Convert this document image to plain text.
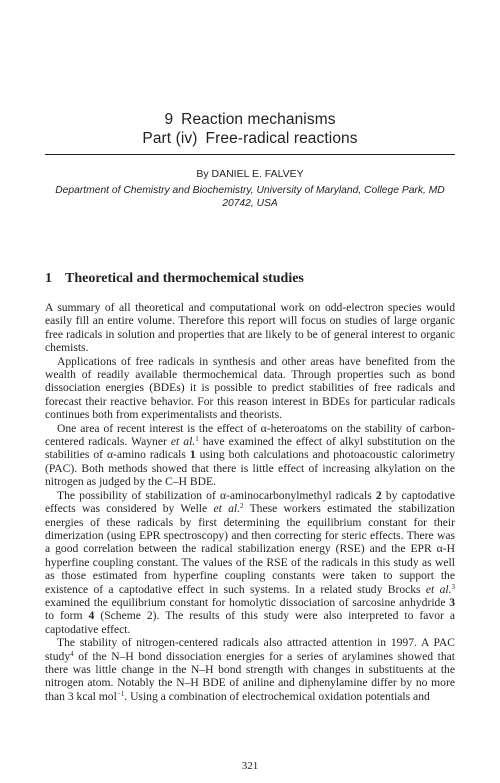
9 Reaction mechanisms
Part (iv) Free-radical reactions
By DANIEL E. FALVEY
Department of Chemistry and Biochemistry, University of Maryland, College Park, MD
20742, USA
1 Theoretical and thermochemical studies

A summary of all theoretical and computational work on odd-electron species would easily fill an entire volume. Therefore this report will focus on studies of large organic free radicals in solution and properties that are likely to be of general interest to organic chemists.

Applications of free radicals in synthesis and other areas have benefited from the wealth of readily available thermochemical data. Through properties such as bond dissociation energies (BDEs) it is possible to predict stabilities of free radicals and forecast their reactive behavior. For this reason interest in BDEs for particular radicals continues both from experimentalists and theorists.

One area of recent interest is the effect of α-heteroatoms on the stability of carbon-centered radicals. Wayner et al.$^1$ have examined the effect of alkyl substitution on the stabilities of α-amino radicals 1 using both calculations and photoacoustic calorimetry (PAC). Both methods showed that there is little effect of increasing alkylation on the nitrogen as judged by the C–H BDE.

The possibility of stabilization of α-aminocarbonylmethyl radicals 2 by captodative effects was considered by Welle et al.$^2$ These workers estimated the stabilization energies of these radicals by first determining the equilibrium constant for their dimerization (using EPR spectroscopy) and then correcting for steric effects. There was a good correlation between the radical stabilization energy (RSE) and the EPR α-H hyperfine coupling constant. The values of the RSE of the radicals in this study as well as those estimated from hyperfine coupling constants were taken to support the existence of a captodative effect in such systems. In a related study Brocks et al.$^3$ examined the equilibrium constant for homolytic dissociation of sarcosine anhydride 3 to form 4 (Scheme 2). The results of this study were also interpreted to favor a captodative effect.

The stability of nitrogen-centered radicals also attracted attention in 1997. A PAC study$^4$ of the N–H bond dissociation energies for a series of arylamines showed that there was little change in the N–H bond strength with changes in substituents at the nitrogen atom. Notably the N–H BDE of aniline and diphenylamine differ by no more than 3 kcal mol$^{-1}$. Using a combination of electrochemical oxidation potentials and

321
